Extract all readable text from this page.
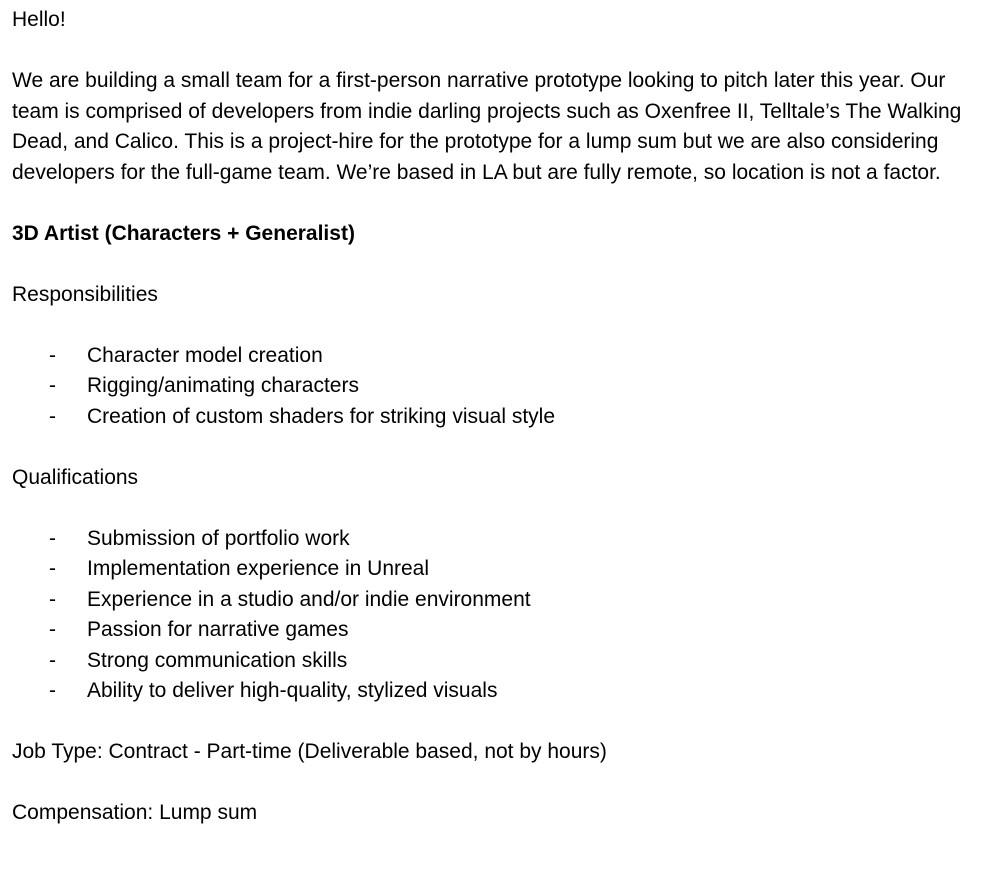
Hello!

We are building a small team for a first-person narrative prototype looking to pitch later this year. Our team is comprised of developers from indie darling projects such as Oxenfree II, Telltale’s The Walking Dead, and Calico. This is a project-hire for the prototype for a lump sum but we are also considering developers for the full-game team. We’re based in LA but are fully remote, so location is not a factor.

3D Artist (Characters + Generalist)

Responsibilities

- Character model creation
- Rigging/animating characters
- Creation of custom shaders for striking visual style

Qualifications

- Submission of portfolio work
- Implementation experience in Unreal
- Experience in a studio and/or indie environment
- Passion for narrative games
- Strong communication skills
- Ability to deliver high-quality, stylized visuals

Job Type: Contract - Part-time (Deliverable based, not by hours)

Compensation: Lump sum
